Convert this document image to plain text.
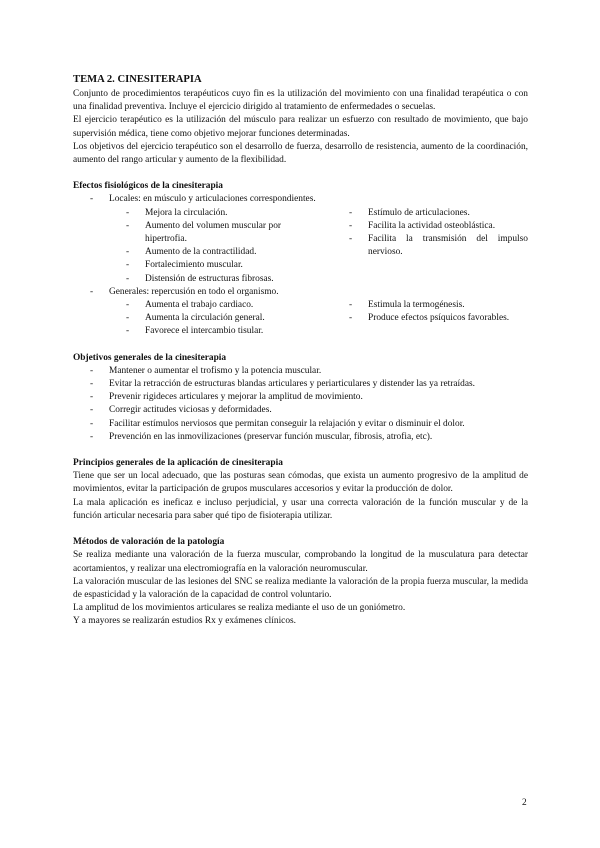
TEMA 2. CINESITERAPIA

Conjunto de procedimientos terapéuticos cuyo fin es la utilización del movimiento con una finalidad terapéutica o con una finalidad preventiva. Incluye el ejercicio dirigido al tratamiento de enfermedades o secuelas.

El ejercicio terapéutico es la utilización del músculo para realizar un esfuerzo con resultado de movimiento, que bajo supervisión médica, tiene como objetivo mejorar funciones determinadas.

Los objetivos del ejercicio terapéutico son el desarrollo de fuerza, desarrollo de resistencia, aumento de la coordinación, aumento del rango articular y aumento de la flexibilidad.

Efectos fisiológicos de la cinesiterapia
- Locales: en músculo y articulaciones correspondientes.
- Mejora la circulación.
- Aumento del volumen muscular por hipertrofia.
- Aumento de la contractilidad.
- Fortalecimiento muscular.
- Distensión de estructuras fibrosas.
- Estímulo de articulaciones.
- Facilita la actividad osteoblástica.
- Facilita la transmisión del impulso nervioso.
- Generales: repercusión en todo el organismo.
- Aumenta el trabajo cardiaco.
- Aumenta la circulación general.
- Favorece el intercambio tisular.
- Estimula la termogénesis.
- Produce efectos psíquicos favorables.
Objetivos generales de la cinesiterapia
- Mantener o aumentar el trofismo y la potencia muscular.
- Evitar la retracción de estructuras blandas articulares y periarticulares y distender las ya retraídas.
- Prevenir rigideces articulares y mejorar la amplitud de movimiento.
- Corregir actitudes viciosas y deformidades.
- Facilitar estímulos nerviosos que permitan conseguir la relajación y evitar o disminuir el dolor.
- Prevención en las inmovilizaciones (preservar función muscular, fibrosis, atrofia, etc).
Principios generales de la aplicación de cinesiterapia

Tiene que ser un local adecuado, que las posturas sean cómodas, que exista un aumento progresivo de la amplitud de movimientos, evitar la participación de grupos musculares accesorios y evitar la producción de dolor.

La mala aplicación es ineficaz e incluso perjudicial, y usar una correcta valoración de la función muscular y de la función articular necesaria para saber qué tipo de fisioterapia utilizar.

Métodos de valoración de la patología

Se realiza mediante una valoración de la fuerza muscular, comprobando la longitud de la musculatura para detectar acortamientos, y realizar una electromiografía en la valoración neuromuscular.

La valoración muscular de las lesiones del SNC se realiza mediante la valoración de la propia fuerza muscular, la medida de espasticidad y la valoración de la capacidad de control voluntario.

La amplitud de los movimientos articulares se realiza mediante el uso de un goniómetro.

Y a mayores se realizarán estudios Rx y exámenes clínicos.

2
